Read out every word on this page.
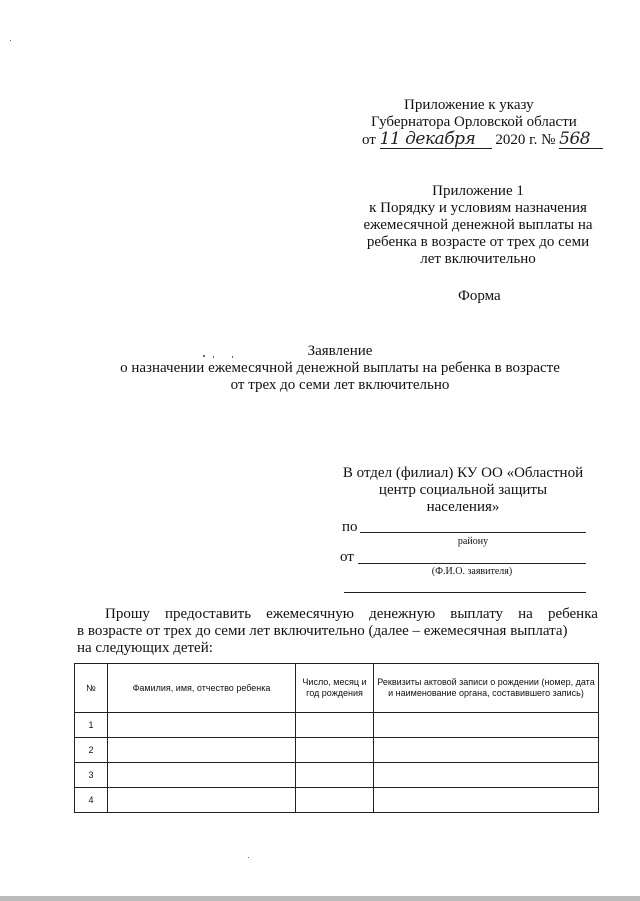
Приложение к указу
Губернатора Орловской области
от 11 декабря 2020 г. № 568
Приложение 1
к Порядку и условиям назначения
ежемесячной денежной выплаты на
ребенка в возрасте от трех до семи
лет включительно
Форма
Заявление
о назначении ежемесячной денежной выплаты на ребенка в возрасте
от трех до семи лет включительно
В отдел (филиал) КУ ОО «Областной
центр социальной защиты
населения»
по
району
от
(Ф.И.О. заявителя)
Прошу предоставить ежемесячную денежную выплату на ребенка
в возрасте от трех до семи лет включительно (далее – ежемесячная выплата)
на следующих детей:
№	Фамилия, имя, отчество ребенка	Число, месяц и год рождения	Реквизиты актовой записи о рождении (номер, дата и наименование органа, составившего запись)
1			
2			
3			
4			
